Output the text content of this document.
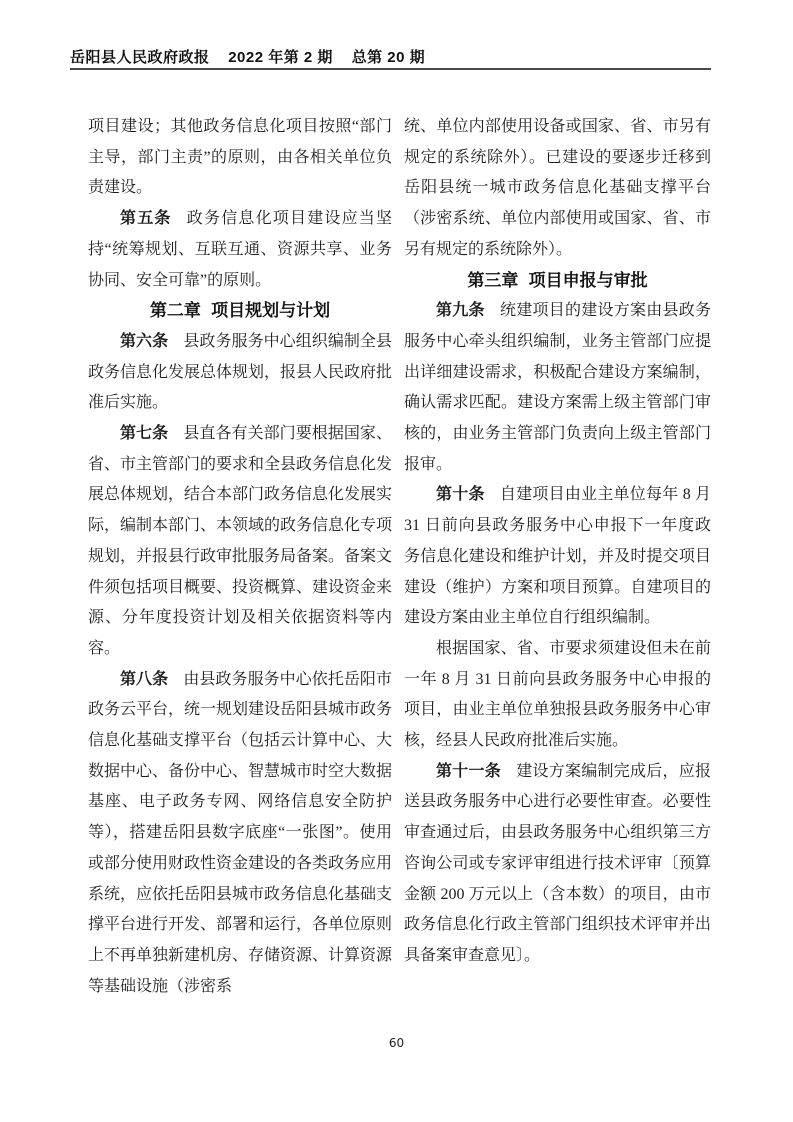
岳阳县人民政府政报 2022 年第 2 期 总第 20 期

项目建设；其他政务信息化项目按照“部门主导，部门主责”的原则，由各相关单位负责建设。

第五条 政务信息化项目建设应当坚持“统筹规划、互联互通、资源共享、业务协同、安全可靠”的原则。

第二章 项目规划与计划

第六条 县政务服务中心组织编制全县政务信息化发展总体规划，报县人民政府批准后实施。

第七条 县直各有关部门要根据国家、省、市主管部门的要求和全县政务信息化发展总体规划，结合本部门政务信息化发展实际，编制本部门、本领域的政务信息化专项规划，并报县行政审批服务局备案。备案文件须包括项目概要、投资概算、建设资金来源、分年度投资计划及相关依据资料等内容。

第八条 由县政务服务中心依托岳阳市政务云平台，统一规划建设岳阳县城市政务信息化基础支撑平台（包括云计算中心、大数据中心、备份中心、智慧城市时空大数据基座、电子政务专网、网络信息安全防护等），搭建岳阳县数字底座“一张图”。使用或部分使用财政性资金建设的各类政务应用系统，应依托岳阳县城市政务信息化基础支撑平台进行开发、部署和运行，各单位原则上不再单独新建机房、存储资源、计算资源等基础设施（涉密系

统、单位内部使用设备或国家、省、市另有规定的系统除外）。已建设的要逐步迁移到岳阳县统一城市政务信息化基础支撑平台（涉密系统、单位内部使用或国家、省、市另有规定的系统除外）。

第三章 项目申报与审批

第九条 统建项目的建设方案由县政务服务中心牵头组织编制，业务主管部门应提出详细建设需求，积极配合建设方案编制，确认需求匹配。建设方案需上级主管部门审核的，由业务主管部门负责向上级主管部门报审。

第十条 自建项目由业主单位每年 8 月 31 日前向县政务服务中心申报下一年度政务信息化建设和维护计划，并及时提交项目建设（维护）方案和项目预算。自建项目的建设方案由业主单位自行组织编制。

根据国家、省、市要求须建设但未在前一年 8 月 31 日前向县政务服务中心申报的项目，由业主单位单独报县政务服务中心审核，经县人民政府批准后实施。

第十一条 建设方案编制完成后，应报送县政务服务中心进行必要性审查。必要性审查通过后，由县政务服务中心组织第三方咨询公司或专家评审组进行技术评审〔预算金额 200 万元以上（含本数）的项目，由市政务信息化行政主管部门组织技术评审并出具备案审查意见〕。

60
